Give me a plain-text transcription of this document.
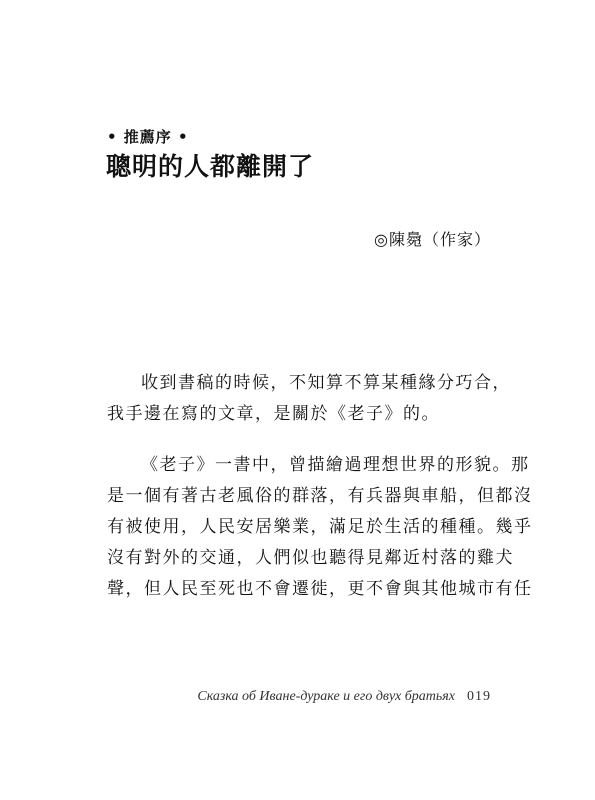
• 推薦序 •
聰明的人都離開了
◎陳䳃（作家）

收到書稿的時候，不知算不算某種緣分巧合，
我手邊在寫的文章，是關於《老子》的。

《老子》一書中，曾描繪過理想世界的形貌。那
是一個有著古老風俗的群落，有兵器與車船，但都沒
有被使用，人民安居樂業，滿足於生活的種種。幾乎
沒有對外的交通，人們似也聽得見鄰近村落的雞犬
聲，但人民至死也不會遷徙，更不會與其他城市有任

Сказка об Иване-дураке и его двух братьях 019
